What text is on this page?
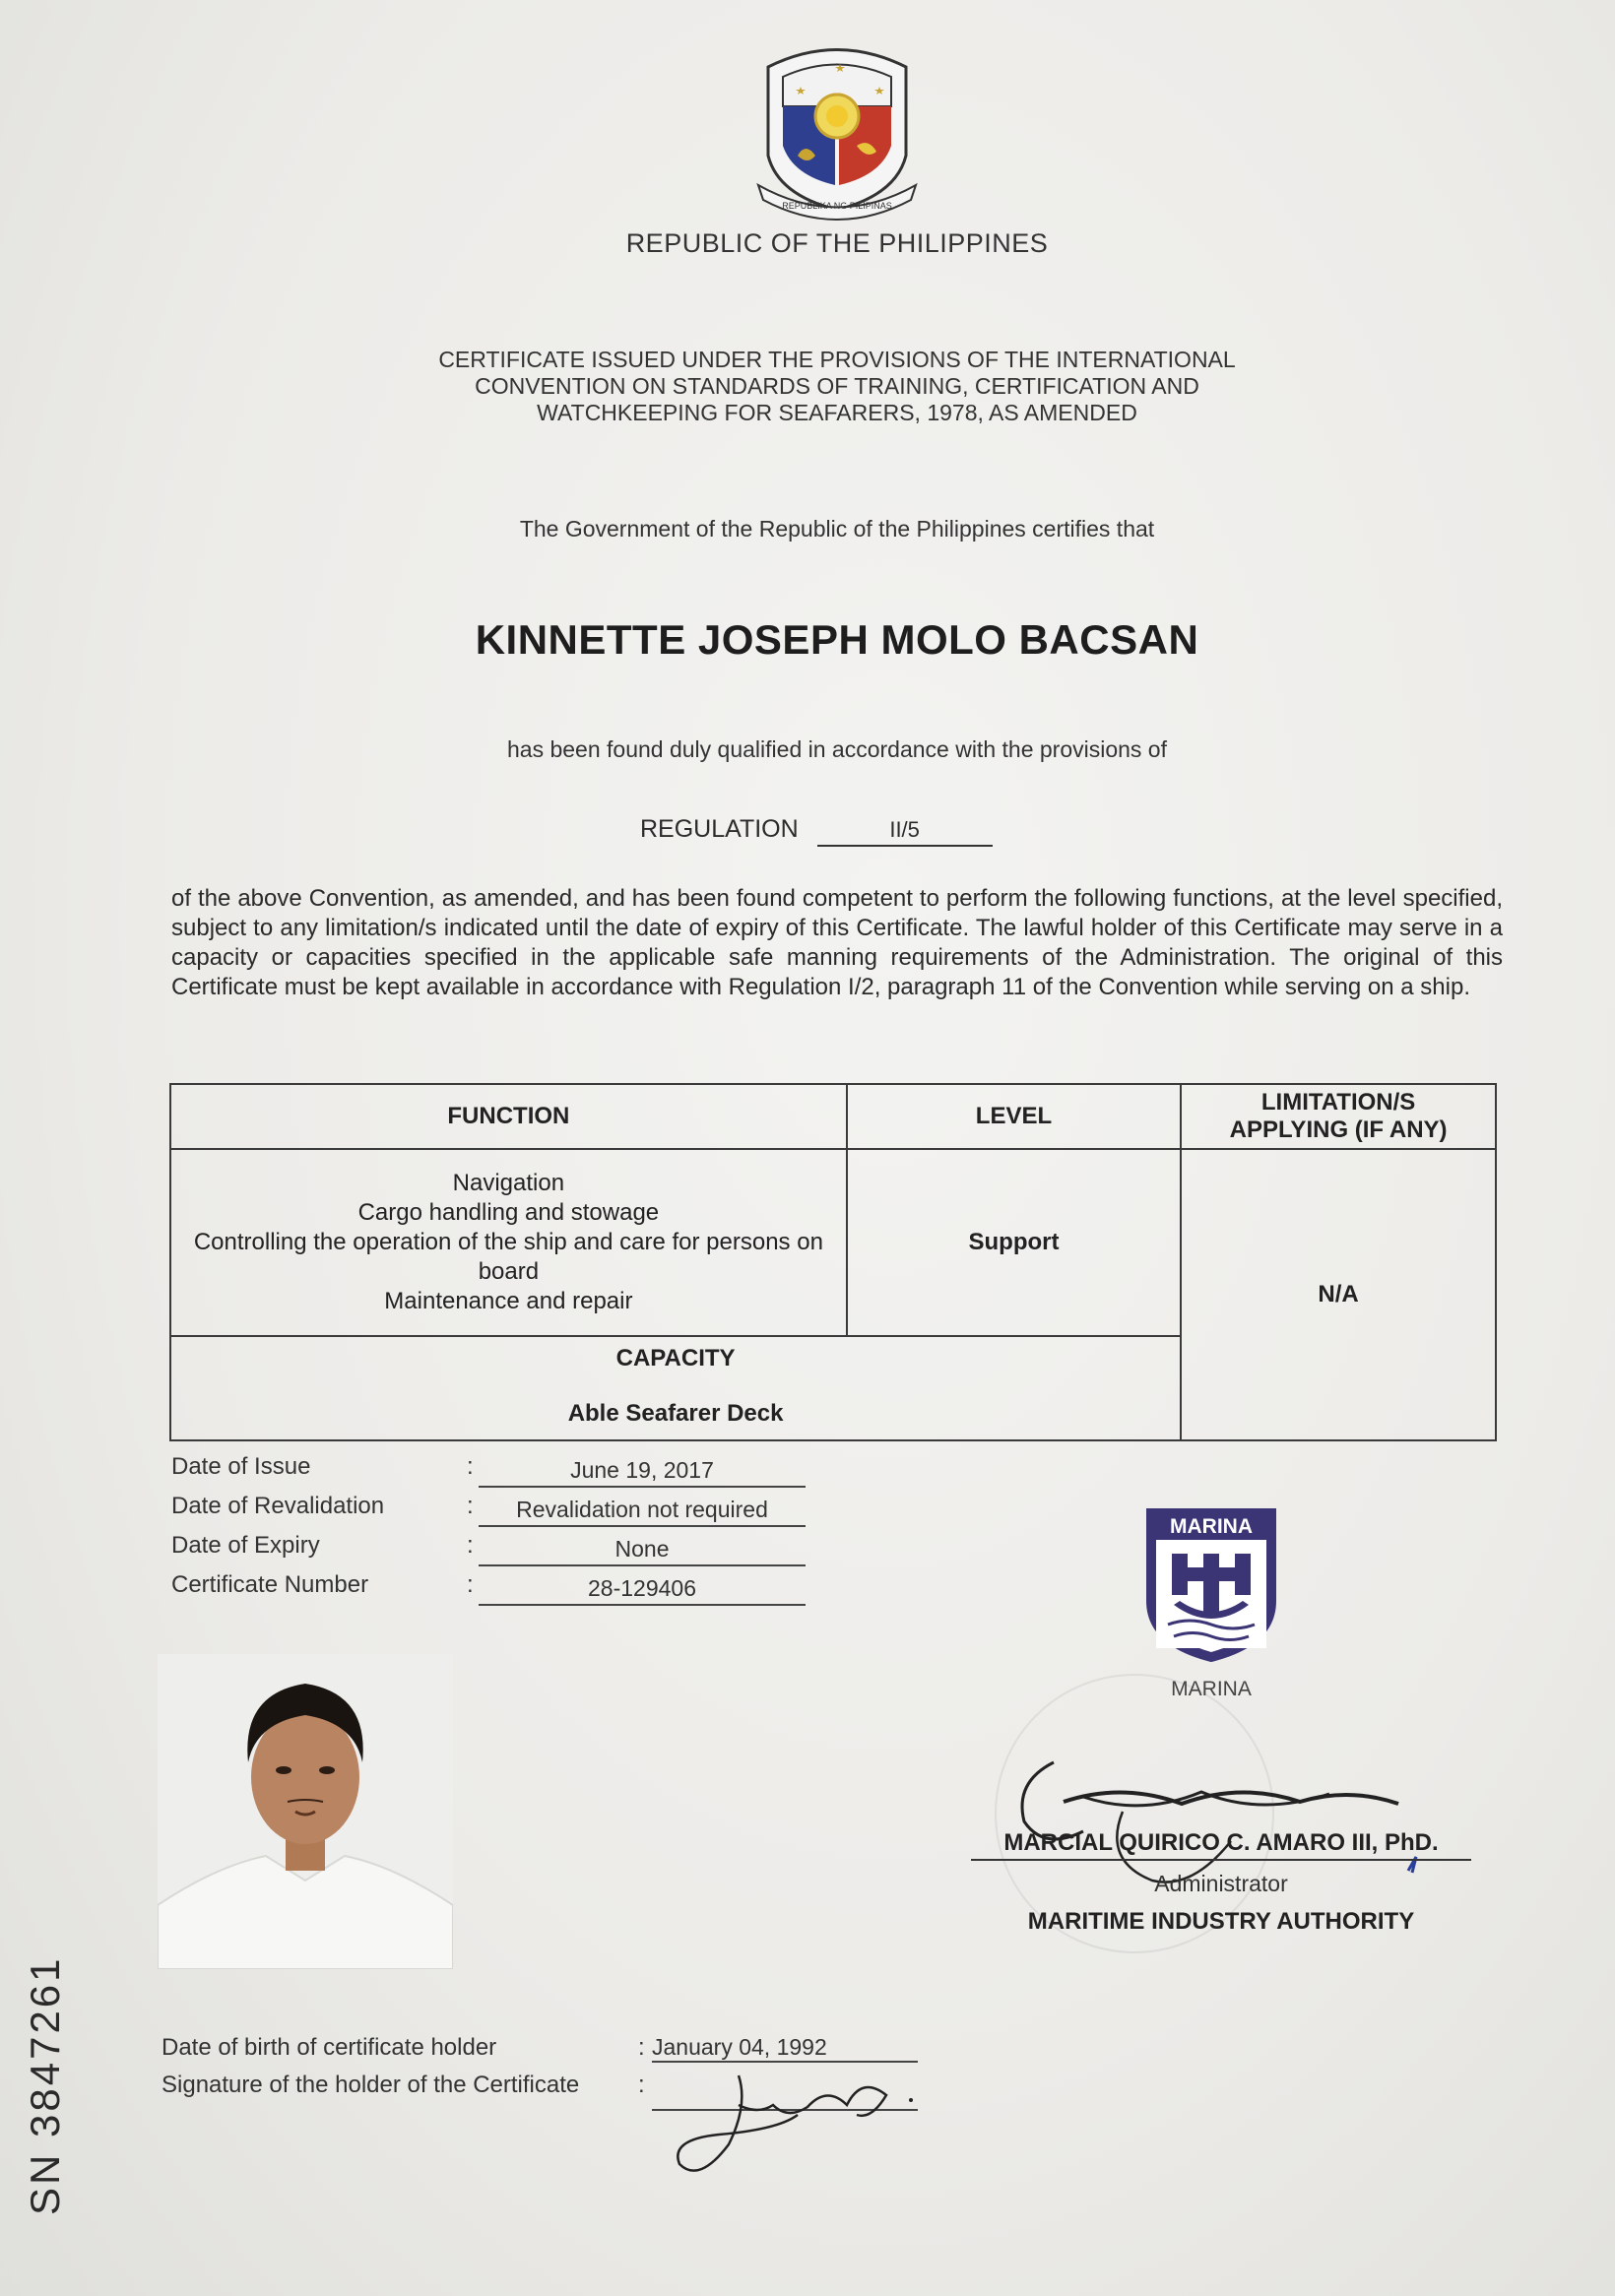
REPUBLIKA NG PILIPINAS
REPUBLIC OF THE PHILIPPINES
CERTIFICATE ISSUED UNDER THE PROVISIONS OF THE INTERNATIONAL
CONVENTION ON STANDARDS OF TRAINING, CERTIFICATION AND
WATCHKEEPING FOR SEAFARERS, 1978, AS AMENDED
The Government of the Republic of the Philippines certifies that
KINNETTE JOSEPH MOLO BACSAN
has been found duly qualified in accordance with the provisions of
REGULATION	II/5
of the above Convention, as amended, and has been found competent to perform the following functions, at the level specified, subject to any limitation/s indicated until the date of expiry of this Certificate. The lawful holder of this Certificate may serve in a capacity or capacities specified in the applicable safe manning requirements of the Administration. The original of this Certificate must be kept available in accordance with Regulation I/2, paragraph 11 of the Convention while serving on a ship.
FUNCTION	LEVEL	LIMITATION/S APPLYING (IF ANY)

Navigation
Cargo handling and stowage
Controlling the operation of the ship and care for persons on board
Maintenance and repair	Support	N/A

CAPACITY
Able Seafarer Deck		
Date of Issue	:	June 19, 2017
Date of Revalidation	:	Revalidation not required
Date of Expiry	:	None
Certificate Number	:	28-129406
MARINA
MARINA
MARCIAL QUIRICO C. AMARO III, PhD.
Administrator
MARITIME INDUSTRY AUTHORITY
Date of birth of certificate holder	: January 04, 1992
Signature of the holder of the Certificate :
SN 3847261
